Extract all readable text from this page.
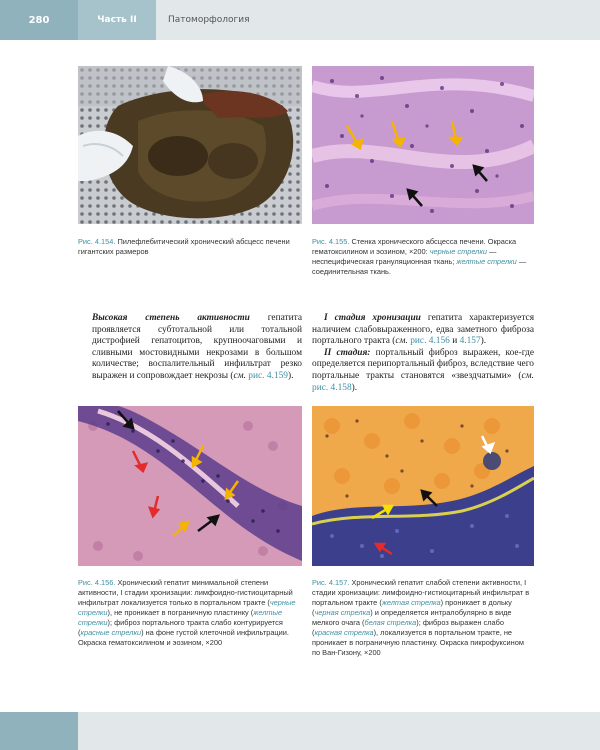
280	Часть II	Патоморфология
Рис. 4.154. Пилефлебитический хронический абсцесс печени гигантских размеров
Рис. 4.155. Стенка хронического абсцесса печени. Окраска гематоксилином и эозином, ×200: черные стрелки — неспецифическая грануляционная ткань; желтые стрелки — соединительная ткань.
Высокая степень активности гепатита проявляется субтотальной или тотальной дистрофией гепатоцитов, крупноочаговыми и сливными мостовидными некрозами в большом количестве; воспалительный инфильтрат резко выражен и сопровождает некрозы (см. рис. 4.159).
I стадия хронизации гепатита характеризуется наличием слабовыраженного, едва заметного фиброза портального тракта (см. рис. 4.156 и 4.157).
II стадия: портальный фиброз выражен, кое-где определяется перипортальный фиброз, вследствие чего портальные тракты становятся «звездчатыми» (см. рис. 4.158).
Рис. 4.156. Хронический гепатит минимальной степени активности, I стадии хронизации: лимфоидно-гистиоцитарный инфильтрат локализуется только в портальном тракте (черные стрелки), не проникает в пограничную пластинку (желтые стрелки); фиброз портального тракта слабо контурируется (красные стрелки) на фоне густой клеточной инфильтрации. Окраска гематоксилином и эозином, ×200
Рис. 4.157. Хронический гепатит слабой степени активности, I стадии хронизации: лимфоидно-гистиоцитарный инфильтрат в портальном тракте (желтая стрелка) проникает в дольку (черная стрелка) и определяется интралобулярно в виде мелкого очага (белая стрелка); фиброз выражен слабо (красная стрелка), локализуется в портальном тракте, не проникает в пограничную пластинку. Окраска пикрофуксином по Ван-Гизону, ×200
